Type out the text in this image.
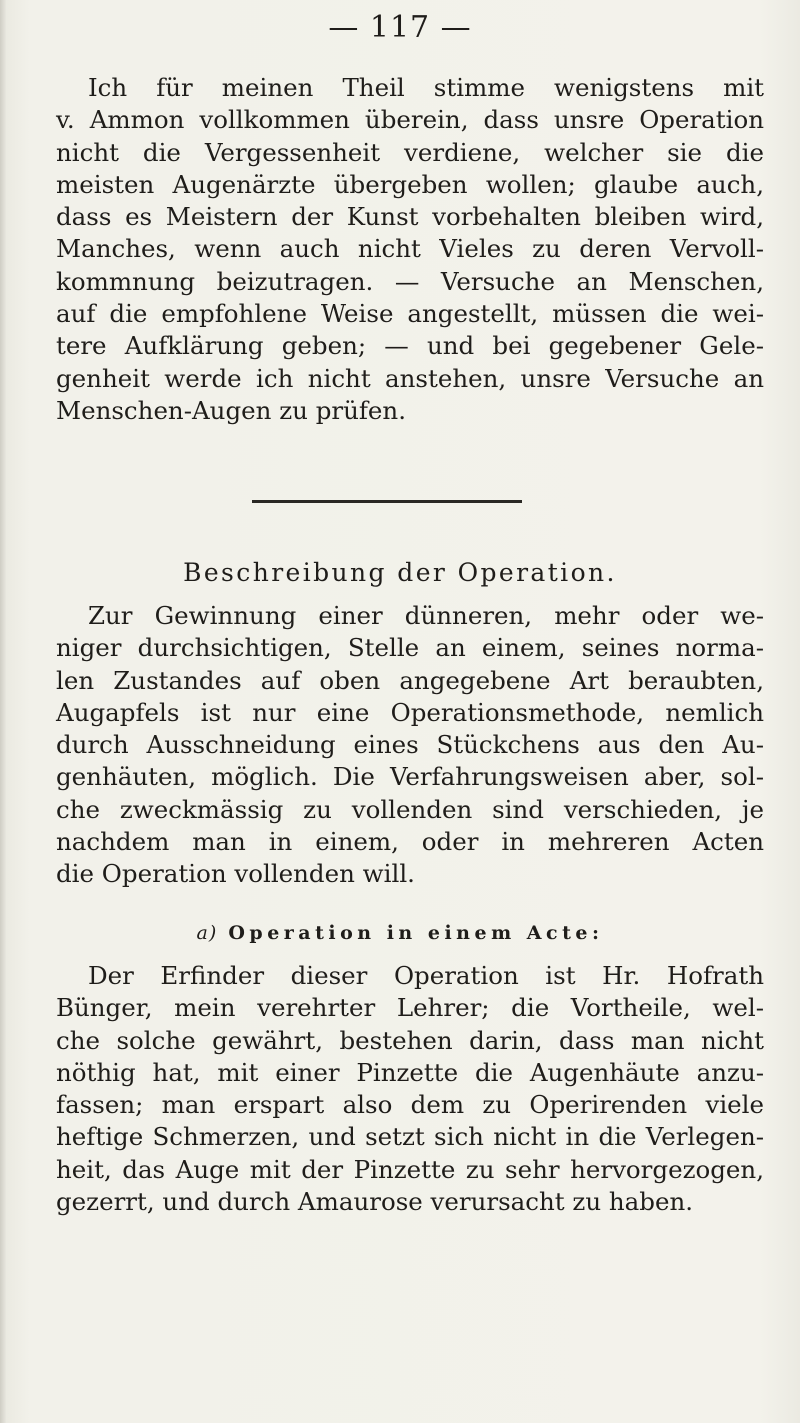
— 117 —
Ich für meinen Theil stimme wenigstens mit
v. Ammon vollkommen überein, dass unsre Operation
nicht die Vergessenheit verdiene, welcher sie die
meisten Augenärzte übergeben wollen; glaube auch,
dass es Meistern der Kunst vorbehalten bleiben wird,
Manches, wenn auch nicht Vieles zu deren Vervoll-
kommnung beizutragen. — Versuche an Menschen,
auf die empfohlene Weise angestellt, müssen die wei-
tere Aufklärung geben; — und bei gegebener Gele-
genheit werde ich nicht anstehen, unsre Versuche an
Menschen-Augen zu prüfen.
Beschreibung der Operation.
Zur Gewinnung einer dünneren, mehr oder we-
niger durchsichtigen, Stelle an einem, seines norma-
len Zustandes auf oben angegebene Art beraubten,
Augapfels ist nur eine Operationsmethode, nemlich
durch Ausschneidung eines Stückchens aus den Au-
genhäuten, möglich. Die Verfahrungsweisen aber, sol-
che zweckmässig zu vollenden sind verschieden, je
nachdem man in einem, oder in mehreren Acten
die Operation vollenden will.
a) Operation in einem Acte:
Der Erfinder dieser Operation ist Hr. Hofrath
Bünger, mein verehrter Lehrer; die Vortheile, wel-
che solche gewährt, bestehen darin, dass man nicht
nöthig hat, mit einer Pinzette die Augenhäute anzu-
fassen; man erspart also dem zu Operirenden viele
heftige Schmerzen, und setzt sich nicht in die Verlegen-
heit, das Auge mit der Pinzette zu sehr hervorgezogen,
gezerrt, und durch Amaurose verursacht zu haben.
